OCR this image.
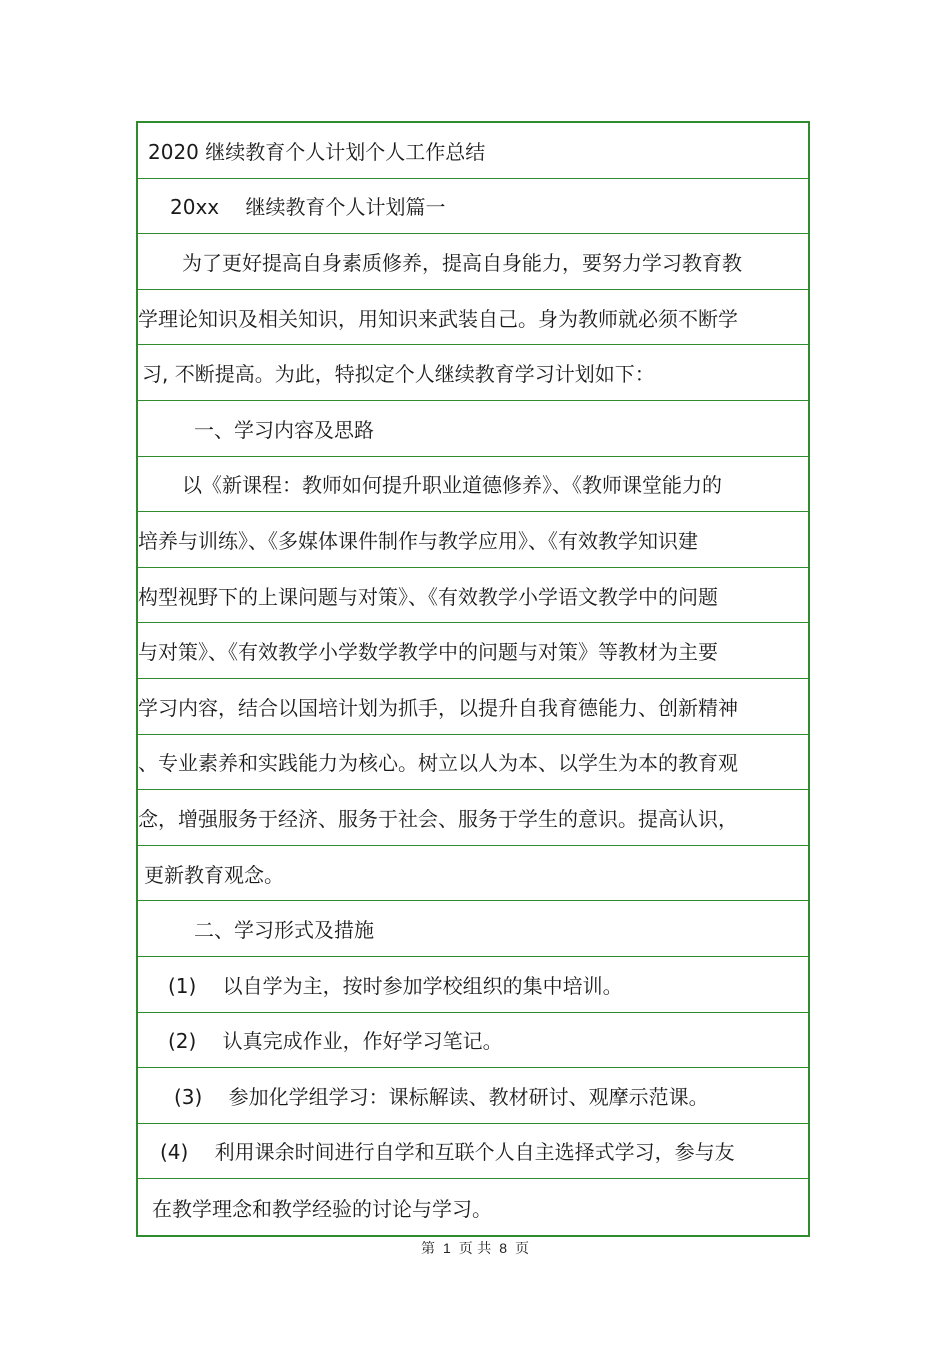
2020 继续教育个人计划个人工作总结
20xx　 继续教育个人计划篇一
为了更好提高自身素质修养，提高自身能力，要努力学习教育教
学理论知识及相关知识，用知识来武装自己。身为教师就必须不断学
习, 不断提高。为此，特拟定个人继续教育学习计划如下：
一、学习内容及思路
以《新课程：教师如何提升职业道德修养》、《教师课堂能力的
培养与训练》、《多媒体课件制作与教学应用》、《有效教学知识建
构型视野下的上课问题与对策》、《有效教学小学语文教学中的问题
与对策》、《有效教学小学数学教学中的问题与对策》等教材为主要
学习内容，结合以国培计划为抓手，以提升自我育德能力、创新精神
、专业素养和实践能力为核心。树立以人为本、以学生为本的教育观
念，增强服务于经济、服务于社会、服务于学生的意识。提高认识，
更新教育观念。
二、学习形式及措施
(1)　 以自学为主，按时参加学校组织的集中培训。
(2)　 认真完成作业，作好学习笔记。
(3)　 参加化学组学习：课标解读、教材研讨、观摩示范课。
(4)　 利用课余时间进行自学和互联个人自主选择式学习，参与友
在教学理念和教学经验的讨论与学习。
第 1 页 共 8 页
